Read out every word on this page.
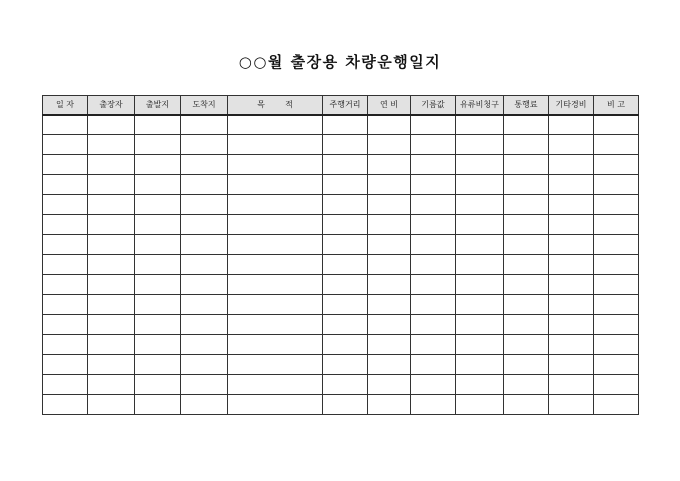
○○월 출장용 차량운행일지
일 자	출장자	출발지	도착지	목        적	주행거리	연 비	기름값	유류비청구	통행료	기타경비	비 고
